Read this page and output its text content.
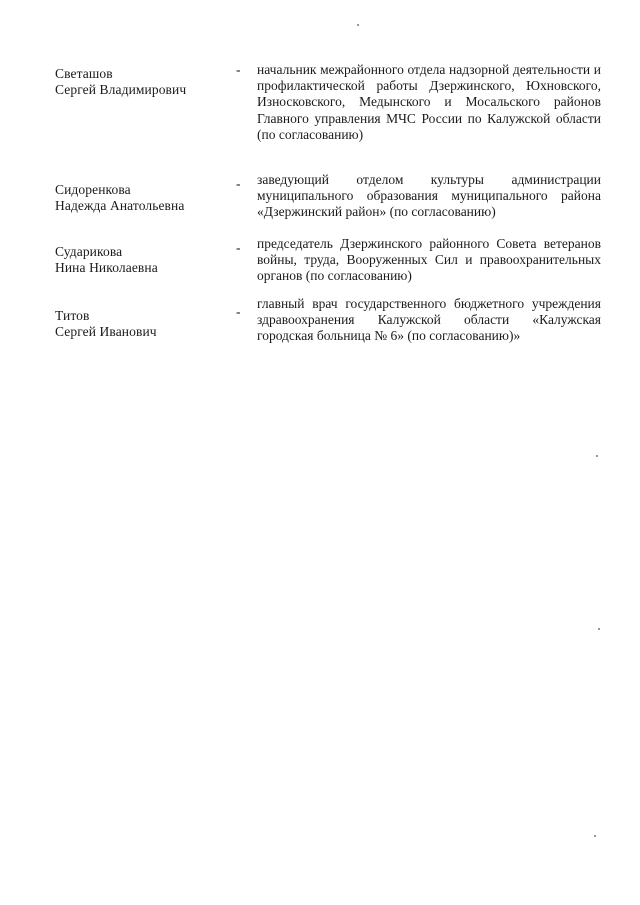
Светашов
Сергей Владимирович
- начальник межрайонного отдела надзорной деятельности и профилактической работы Дзержинского, Юхновского, Износковского, Медынского и Мосальского районов Главного управления МЧС России по Калужской области (по согласованию)
Сидоренкова
Надежда Анатольевна
- заведующий отделом культуры администрации муниципального образования муниципального района «Дзержинский район» (по согласованию)
Сударикова
Нина Николаевна
- председатель Дзержинского районного Совета ветеранов войны, труда, Вооруженных Сил и правоохранительных органов (по согласованию)
Титов
Сергей Иванович
-
главный врач государственного бюджетного учреждения здравоохранения Калужской области «Калужская городская больница № 6» (по согласованию)»
